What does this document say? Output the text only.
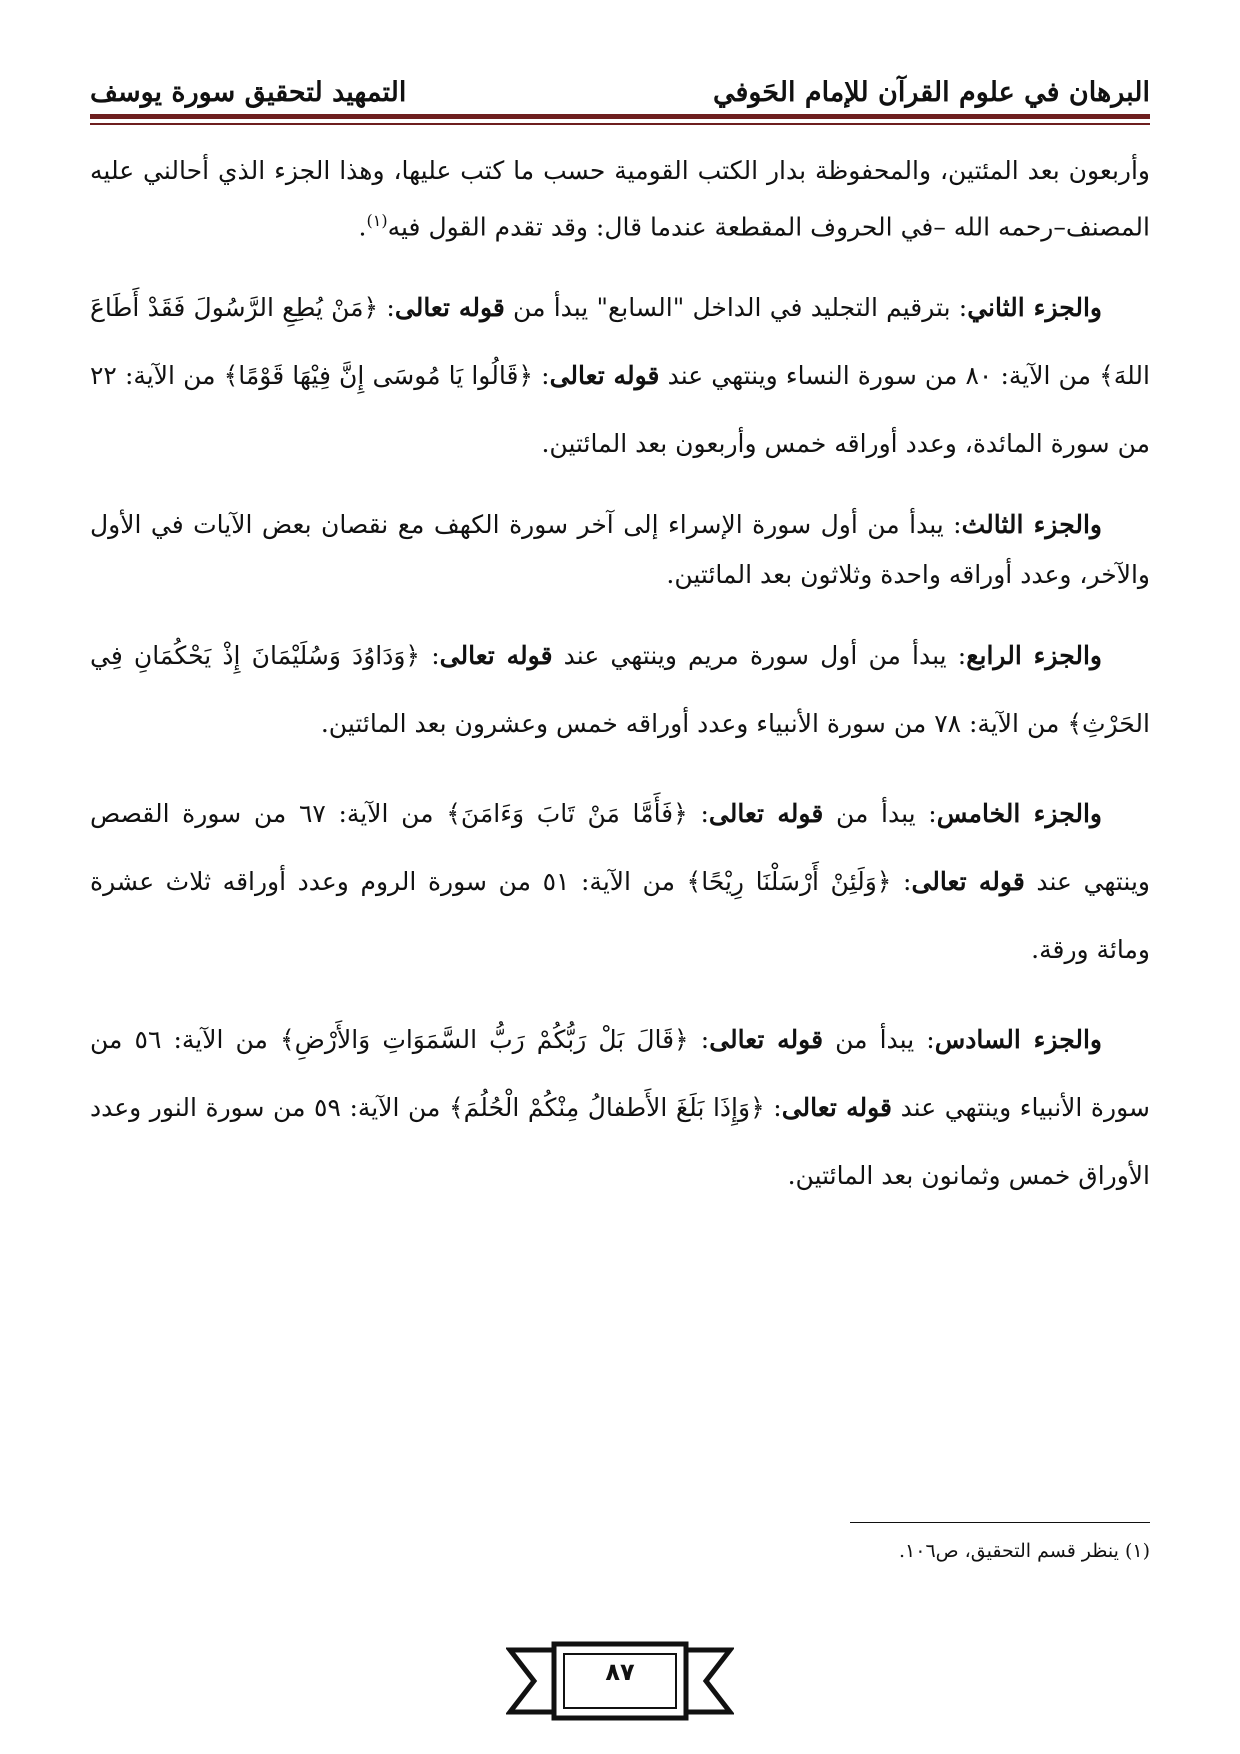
البرهان في علوم القرآن للإمام الحَوفي
التمهيد لتحقيق سورة يوسف

وأربعون بعد المئتين، والمحفوظة بدار الكتب القومية حسب ما كتب عليها، وهذا الجزء الذي أحالني عليه المصنف–رحمه الله –في الحروف المقطعة عندما قال: وقد تقدم القول فيه$^{(١)}$.

والجزء الثاني: بترقيم التجليد في الداخل "السابع" يبدأ من قوله تعالى: ﴿مَنْ يُطِعِ الرَّسُولَ فَقَدْ أَطَاعَ اللهَ﴾ من الآية: ٨٠ من سورة النساء وينتهي عند قوله تعالى: ﴿قَالُوا يَا مُوسَى إِنَّ فِيْهَا قَوْمًا﴾ من الآية: ٢٢ من سورة المائدة، وعدد أوراقه خمس وأربعون بعد المائتين.

والجزء الثالث: يبدأ من أول سورة الإسراء إلى آخر سورة الكهف مع نقصان بعض الآيات في الأول والآخر، وعدد أوراقه واحدة وثلاثون بعد المائتين.

والجزء الرابع: يبدأ من أول سورة مريم وينتهي عند قوله تعالى: ﴿وَدَاوُدَ وَسُلَيْمَانَ إِذْ يَحْكُمَانِ فِي الحَرْثِ﴾ من الآية: ٧٨ من سورة الأنبياء وعدد أوراقه خمس وعشرون بعد المائتين.

والجزء الخامس: يبدأ من قوله تعالى: ﴿فَأَمَّا مَنْ تَابَ وَءَامَنَ﴾ من الآية: ٦٧ من سورة القصص وينتهي عند قوله تعالى: ﴿وَلَئِنْ أَرْسَلْنَا رِيْحًا﴾ من الآية: ٥١ من سورة الروم وعدد أوراقه ثلاث عشرة ومائة ورقة.

والجزء السادس: يبدأ من قوله تعالى: ﴿قَالَ بَلْ رَبُّكُمْ رَبُّ السَّمَوَاتِ وَالأَرْضِ﴾ من الآية: ٥٦ من سورة الأنبياء وينتهي عند قوله تعالى: ﴿وَإِذَا بَلَغَ الأَطفالُ مِنْكُمْ الْحُلُمَ﴾ من الآية: ٥٩ من سورة النور وعدد الأوراق خمس وثمانون بعد المائتين.

(١) ينظر قسم التحقيق، ص١٠٦.
٨٧
